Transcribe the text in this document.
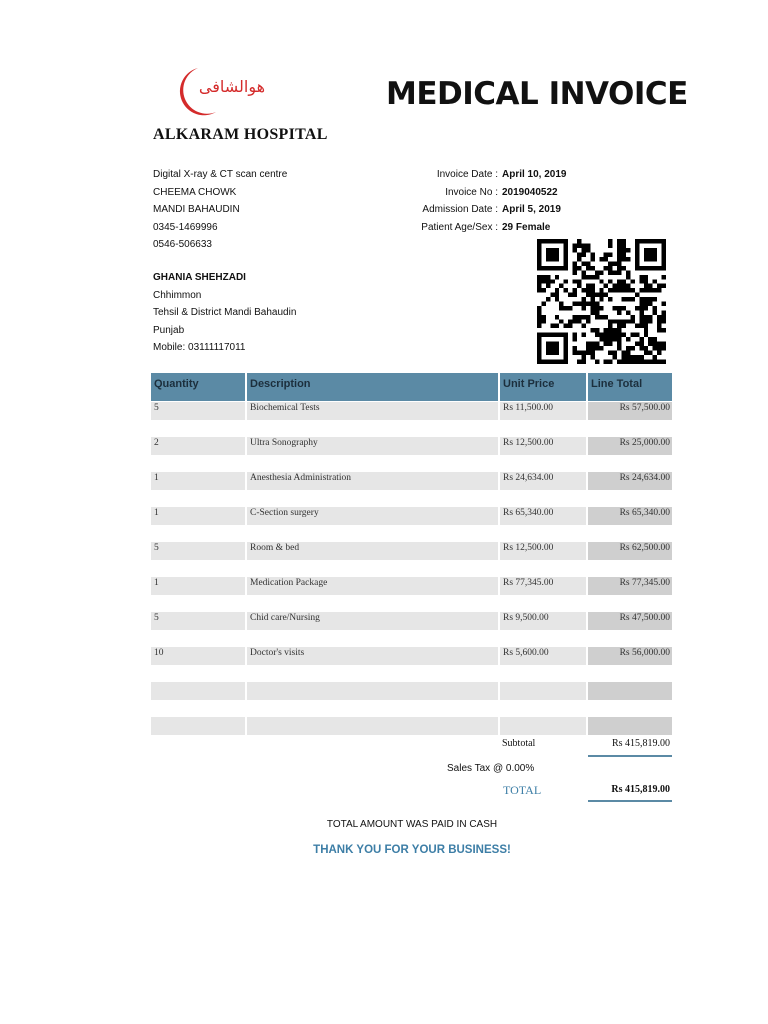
هوالشافی
ALKARAM HOSPITAL
MEDICAL INVOICE
Digital X-ray & CT scan centre
CHEEMA CHOWK
MANDI BAHAUDIN
0345-1469996
0546-506633
Invoice Date : April 10, 2019
Invoice No : 2019040522
Admission Date : April 5, 2019
Patient Age/Sex : 29 Female
GHANIA SHEHZADI
Chhimmon
Tehsil & District Mandi Bahaudin
Punjab
Mobile: 03111117011
Quantity	Description	Unit Price	Line Total
5	Biochemical Tests	Rs 11,500.00	Rs 57,500.00
2	Ultra Sonography	Rs 12,500.00	Rs 25,000.00
1	Anesthesia Administration	Rs 24,634.00	Rs 24,634.00
1	C-Section surgery	Rs 65,340.00	Rs 65,340.00
5	Room & bed	Rs 12,500.00	Rs 62,500.00
1	Medication Package	Rs 77,345.00	Rs 77,345.00
5	Chid care/Nursing	Rs 9,500.00	Rs 47,500.00
10	Doctor's visits	Rs 5,600.00	Rs 56,000.00
Subtotal	Rs 415,819.00
Sales Tax @ 0.00%
TOTAL	Rs 415,819.00
TOTAL AMOUNT WAS PAID IN CASH
THANK YOU FOR YOUR BUSINESS!
